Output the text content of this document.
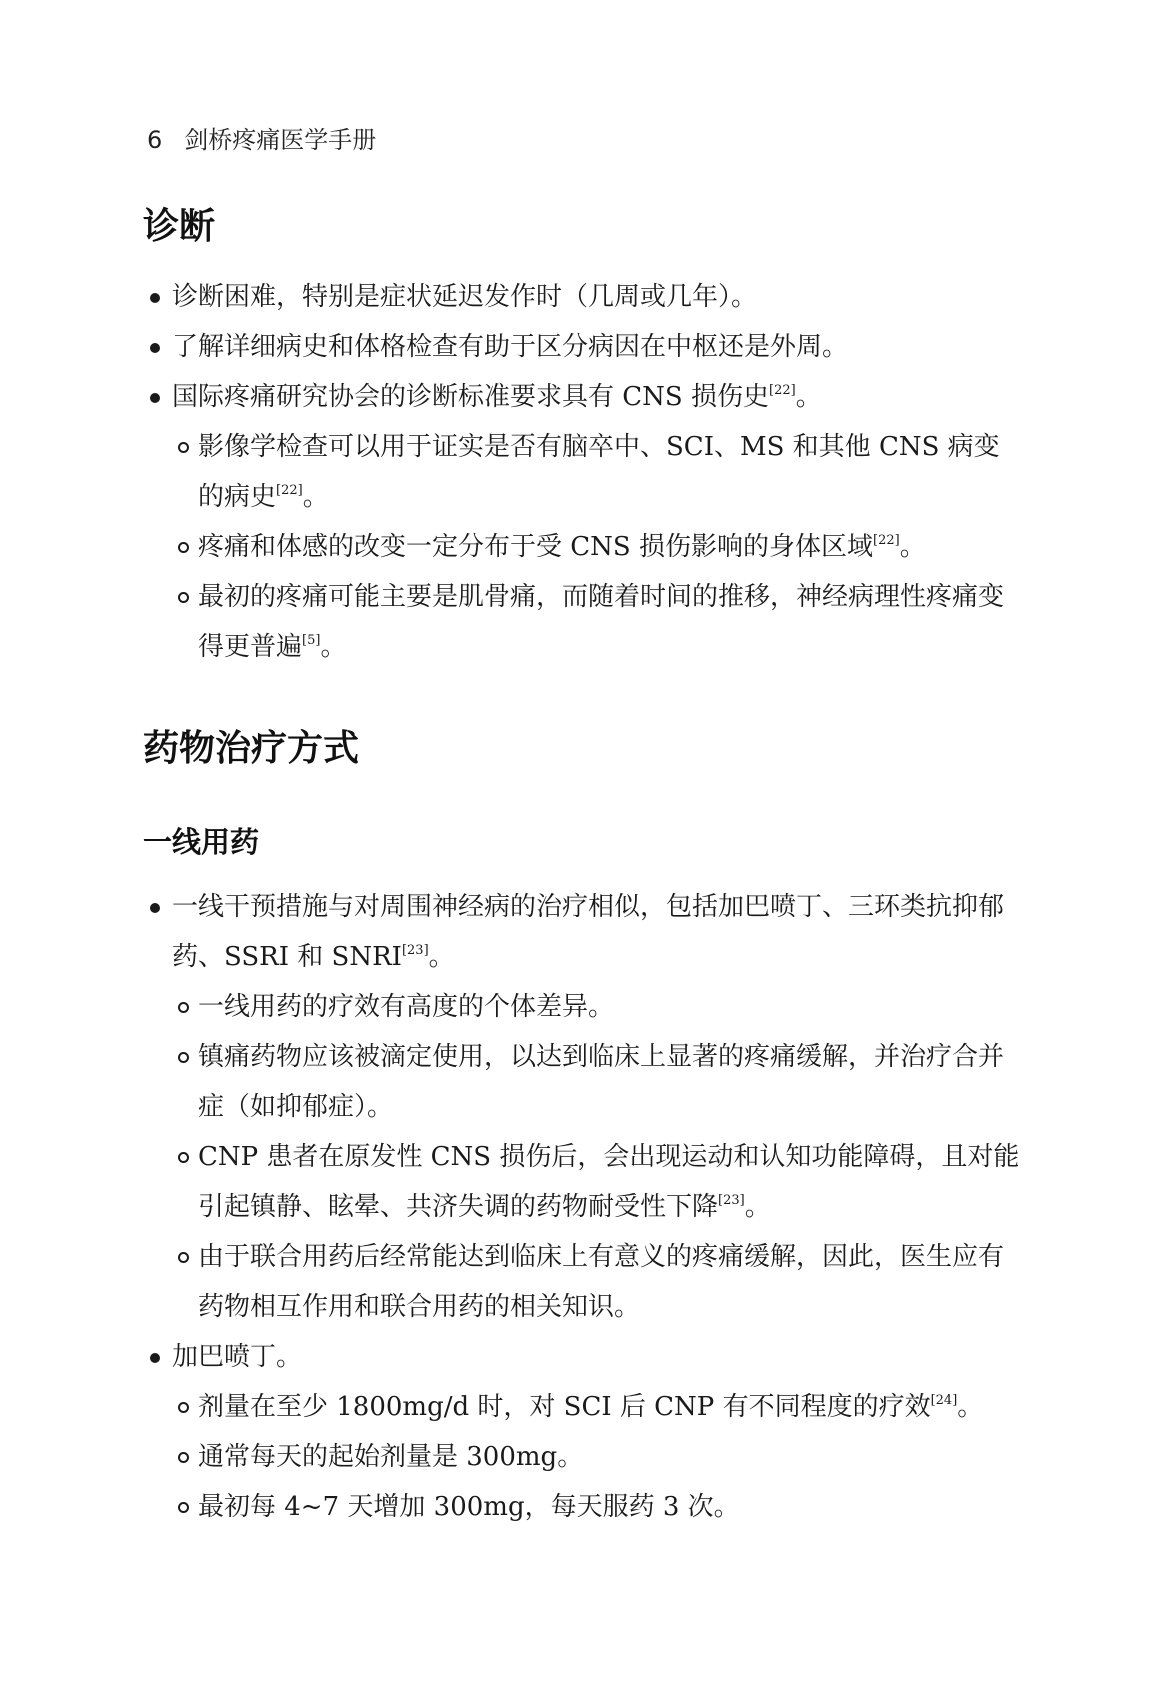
6 剑桥疼痛医学手册
诊断
诊断困难，特别是症状延迟发作时（几周或几年）。
了解详细病史和体格检查有助于区分病因在中枢还是外周。
国际疼痛研究协会的诊断标准要求具有 CNS 损伤史[22]。
影像学检查可以用于证实是否有脑卒中、SCI、MS 和其他 CNS 病变的病史[22]。
疼痛和体感的改变一定分布于受 CNS 损伤影响的身体区域[22]。
最初的疼痛可能主要是肌骨痛，而随着时间的推移，神经病理性疼痛变得更普遍[5]。
药物治疗方式
一线用药
一线干预措施与对周围神经病的治疗相似，包括加巴喷丁、三环类抗抑郁药、SSRI 和 SNRI[23]。
一线用药的疗效有高度的个体差异。
镇痛药物应该被滴定使用，以达到临床上显著的疼痛缓解，并治疗合并症（如抑郁症）。
CNP 患者在原发性 CNS 损伤后，会出现运动和认知功能障碍，且对能引起镇静、眩晕、共济失调的药物耐受性下降[23]。
由于联合用药后经常能达到临床上有意义的疼痛缓解，因此，医生应有药物相互作用和联合用药的相关知识。
加巴喷丁。
剂量在至少 1800mg/d 时，对 SCI 后 CNP 有不同程度的疗效[24]。
通常每天的起始剂量是 300mg。
最初每 4~7 天增加 300mg，每天服药 3 次。
